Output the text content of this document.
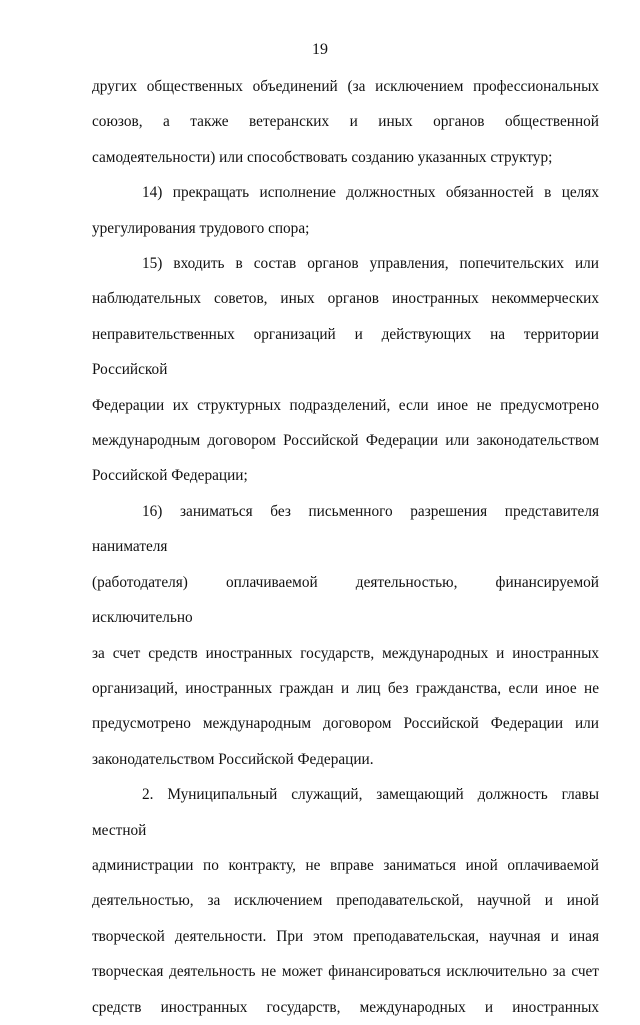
19

других общественных объединений (за исключением профессиональных

союзов, а также ветеранских и иных органов общественной

самодеятельности) или способствовать созданию указанных структур;

14) прекращать исполнение должностных обязанностей в целях

урегулирования трудового спора;

15) входить в состав органов управления, попечительских или

наблюдательных советов, иных органов иностранных некоммерческих

неправительственных организаций и действующих на территории Российской

Федерации их структурных подразделений, если иное не предусмотрено

международным договором Российской Федерации или законодательством

Российской Федерации;

16) заниматься без письменного разрешения представителя нанимателя

(работодателя) оплачиваемой деятельностью, финансируемой исключительно

за счет средств иностранных государств, международных и иностранных

организаций, иностранных граждан и лиц без гражданства, если иное не

предусмотрено международным договором Российской Федерации или

законодательством Российской Федерации.

2. Муниципальный служащий, замещающий должность главы местной

администрации по контракту, не вправе заниматься иной оплачиваемой

деятельностью, за исключением преподавательской, научной и иной

творческой деятельности. При этом преподавательская, научная и иная

творческая деятельность не может финансироваться исключительно за счет

средств иностранных государств, международных и иностранных
